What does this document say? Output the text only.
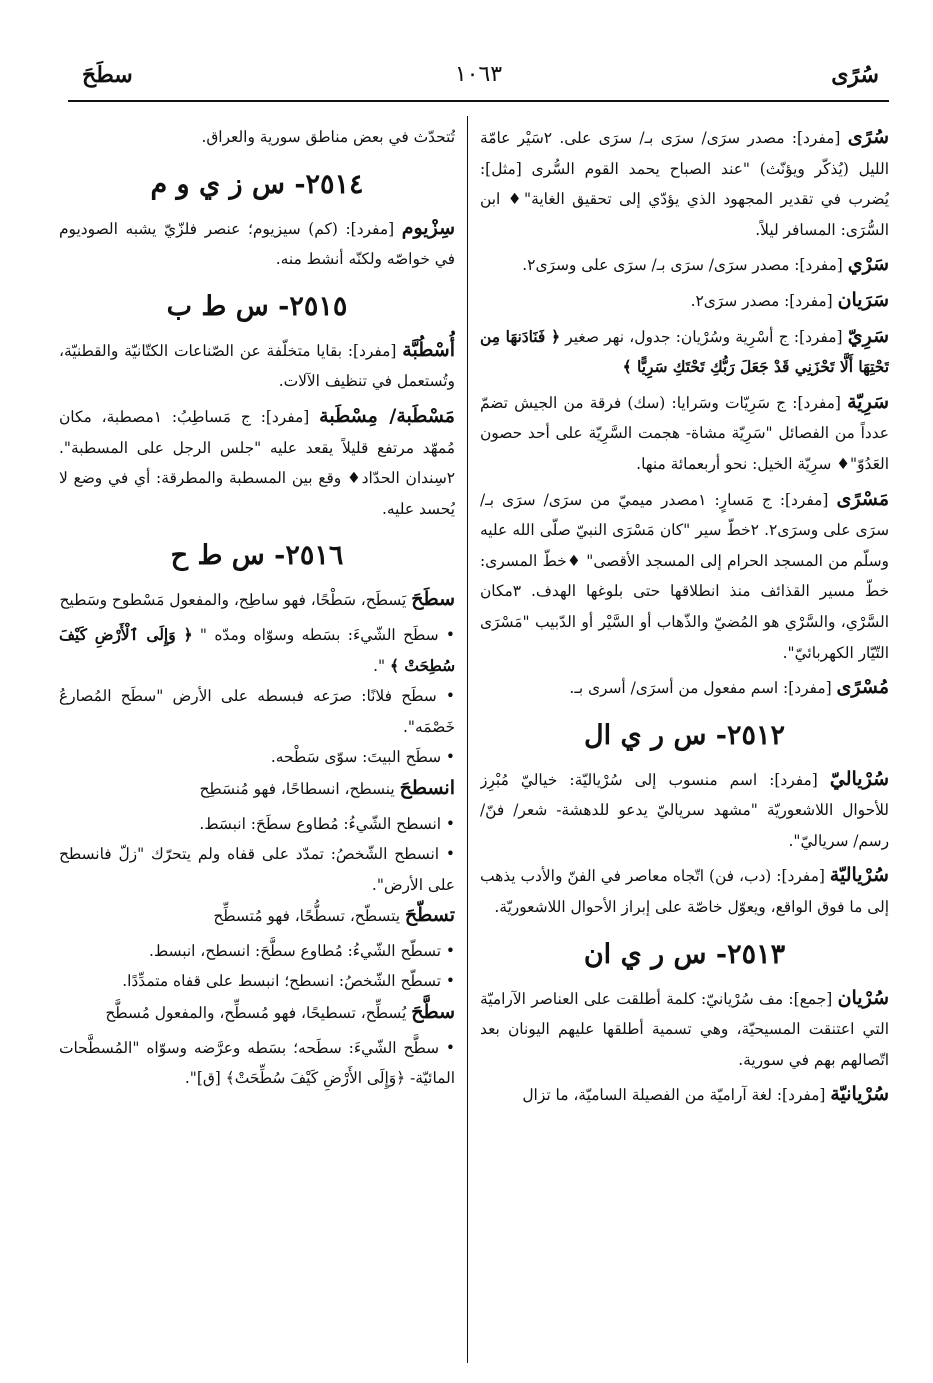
سُرًى
١٠٦٣
سطَحَ

سُرًى [مفرد]: مصدر سرَى/ سرَى بـ/ سرَى على. ٢سَيْر عامّة الليل (يُذكّر ويؤنّث) "عند الصباح يحمد القوم السُّرى [مثل]: يُضرب في تقدير المجهود الذي يؤدّي إلى تحقيق الغاية"♦ ابن السُّرَى: المسافر ليلاً.

سَرْي [مفرد]: مصدر سرَى/ سرَى بـ/ سرَى على وسرَى٢.

سَرَيان [مفرد]: مصدر سرَى٢.

سَرِيّ [مفرد]: ج أسْرِية وسُرْيان: جدول، نهر صغير ﴿ فَنَادَنهَا مِن تَحْتِهَا أَلَّا تَحْزَنِي قَدْ جَعَلَ رَبُّكِ تَحْتَكِ سَرِيًّا ﴾

سَرِيّة [مفرد]: ج سَرِيّات وسَرايا: (سك) فرقة من الجيش تضمّ عدداً من الفصائل "سَرِيّة مشاة- هجمت السَّرِيّة على أحد حصون العَدُوّ"♦ سرِيّة الخيل: نحو أربعمائة منها.

مَسْرًى [مفرد]: ج مَسارٍ: ١مصدر ميميّ من سرَى/ سرَى بـ/ سرَى على وسرَى٢. ٢خطّ سير "كان مَسْرَى النبيّ صلّى الله عليه وسلّم من المسجد الحرام إلى المسجد الأقصى" ♦خطّ المسرى: خطّ مسير القذائف منذ انطلاقها حتى بلوغها الهدف. ٣مكان السَّرْي، والسَّرْي هو المُضيّ والذّهاب أو السَّيْر أو الدّبيب "مَسْرَى التّيّار الكهربائيّ".

مُسْرًى [مفرد]: اسم مفعول من أسرَى/ أسرى بـ.

٢٥١٢- س ر ي ال

سُرْياليّ [مفرد]: اسم منسوب إلى سُرْياليّة: خياليّ مُبْرِز للأحوال اللاشعوريّة "مشهد سرياليّ يدعو للدهشة- شعر/ فنّ/ رسم/ سرياليّ".

سُرْياليّة [مفرد]: (دب، فن) اتّجاه معاصر في الفنّ والأدب يذهب إلى ما فوق الواقع، ويعوّل خاصّة على إبراز الأحوال اللاشعوريّة.

٢٥١٣- س ر ي ان

سُرْيان [جمع]: مف سُرْيانيّ: كلمة أطلقت على العناصر الآراميّة التي اعتنقت المسيحيّة، وهي تسمية أطلقها عليهم اليونان بعد اتّصالهم بهم في سورية.

سُرْيانيّة [مفرد]: لغة آراميّة من الفصيلة الساميّة، ما تزال

تُتحدّث في بعض مناطق سورية والعراق.

٢٥١٤- س ز ي و م

سِزْيوم [مفرد]: (كم) سيزيوم؛ عنصر فلزّيّ يشبه الصوديوم في خواصّه ولكنّه أنشط منه.

٢٥١٥- س ط ب

أُسْطُبَّة [مفرد]: بقايا متخلّفة عن الصّناعات الكتّانيّة والقطنيّة، وتُستعمل في تنظيف الآلات.

مَسْطَبة/ مِسْطَبة [مفرد]: ج مَساطِبُ: ١مصطبة، مكان مُمهّد مرتفع قليلاً يقعد عليه "جلس الرجل على المسطبة". ٢سِندان الحدّاد♦ وقع بين المسطبة والمطرقة: أي في وضع لا يُحسد عليه.

٢٥١٦- س ط ح

سطَحَ يَسطَح، سَطْحًا، فهو ساطِح، والمفعول مَسْطوح وسَطيح

• سطَح الشّيءَ: بسَطه وسوّاه ومدّه " ﴿ وَإِلَى ٱلْأَرْضِ كَيْفَ سُطِحَتْ ﴾ ".

• سطَح فلانًا: صرَعه فبسطه على الأرض "سطَح المُصارعُ خَصْمَه".

• سطَح البيتَ: سوّى سَطْحه.

انسطحَ ينسطح، انسطاحًا، فهو مُنسَطِح

• انسطح الشّيءُ: مُطاوع سطَحَ: انبسَط.

• انسطح الشّخصُ: تمدّد على قفاه ولم يتحرّك "زلّ فانسطح على الأرض".

تسطّحَ يتسطّح، تسطُّحًا، فهو مُتسطِّح

• تسطّح الشّيءُ: مُطاوع سطَّحَ: انسطح، انبسط.

• تسطّح الشّخصُ: انسطح؛ انبسط على قفاه متمدِّدًا.

سطَّحَ يُسطِّح، تسطيحًا، فهو مُسطِّح، والمفعول مُسطَّح

• سطَّح الشّيءَ: سطَحه؛ بسَطه وعرَّضه وسوّاه "المُسطَّحات المائيّة- ﴿وَإِلَى الأَرْضِ كَيْفَ سُطِّحَتْ﴾ [ق]".
